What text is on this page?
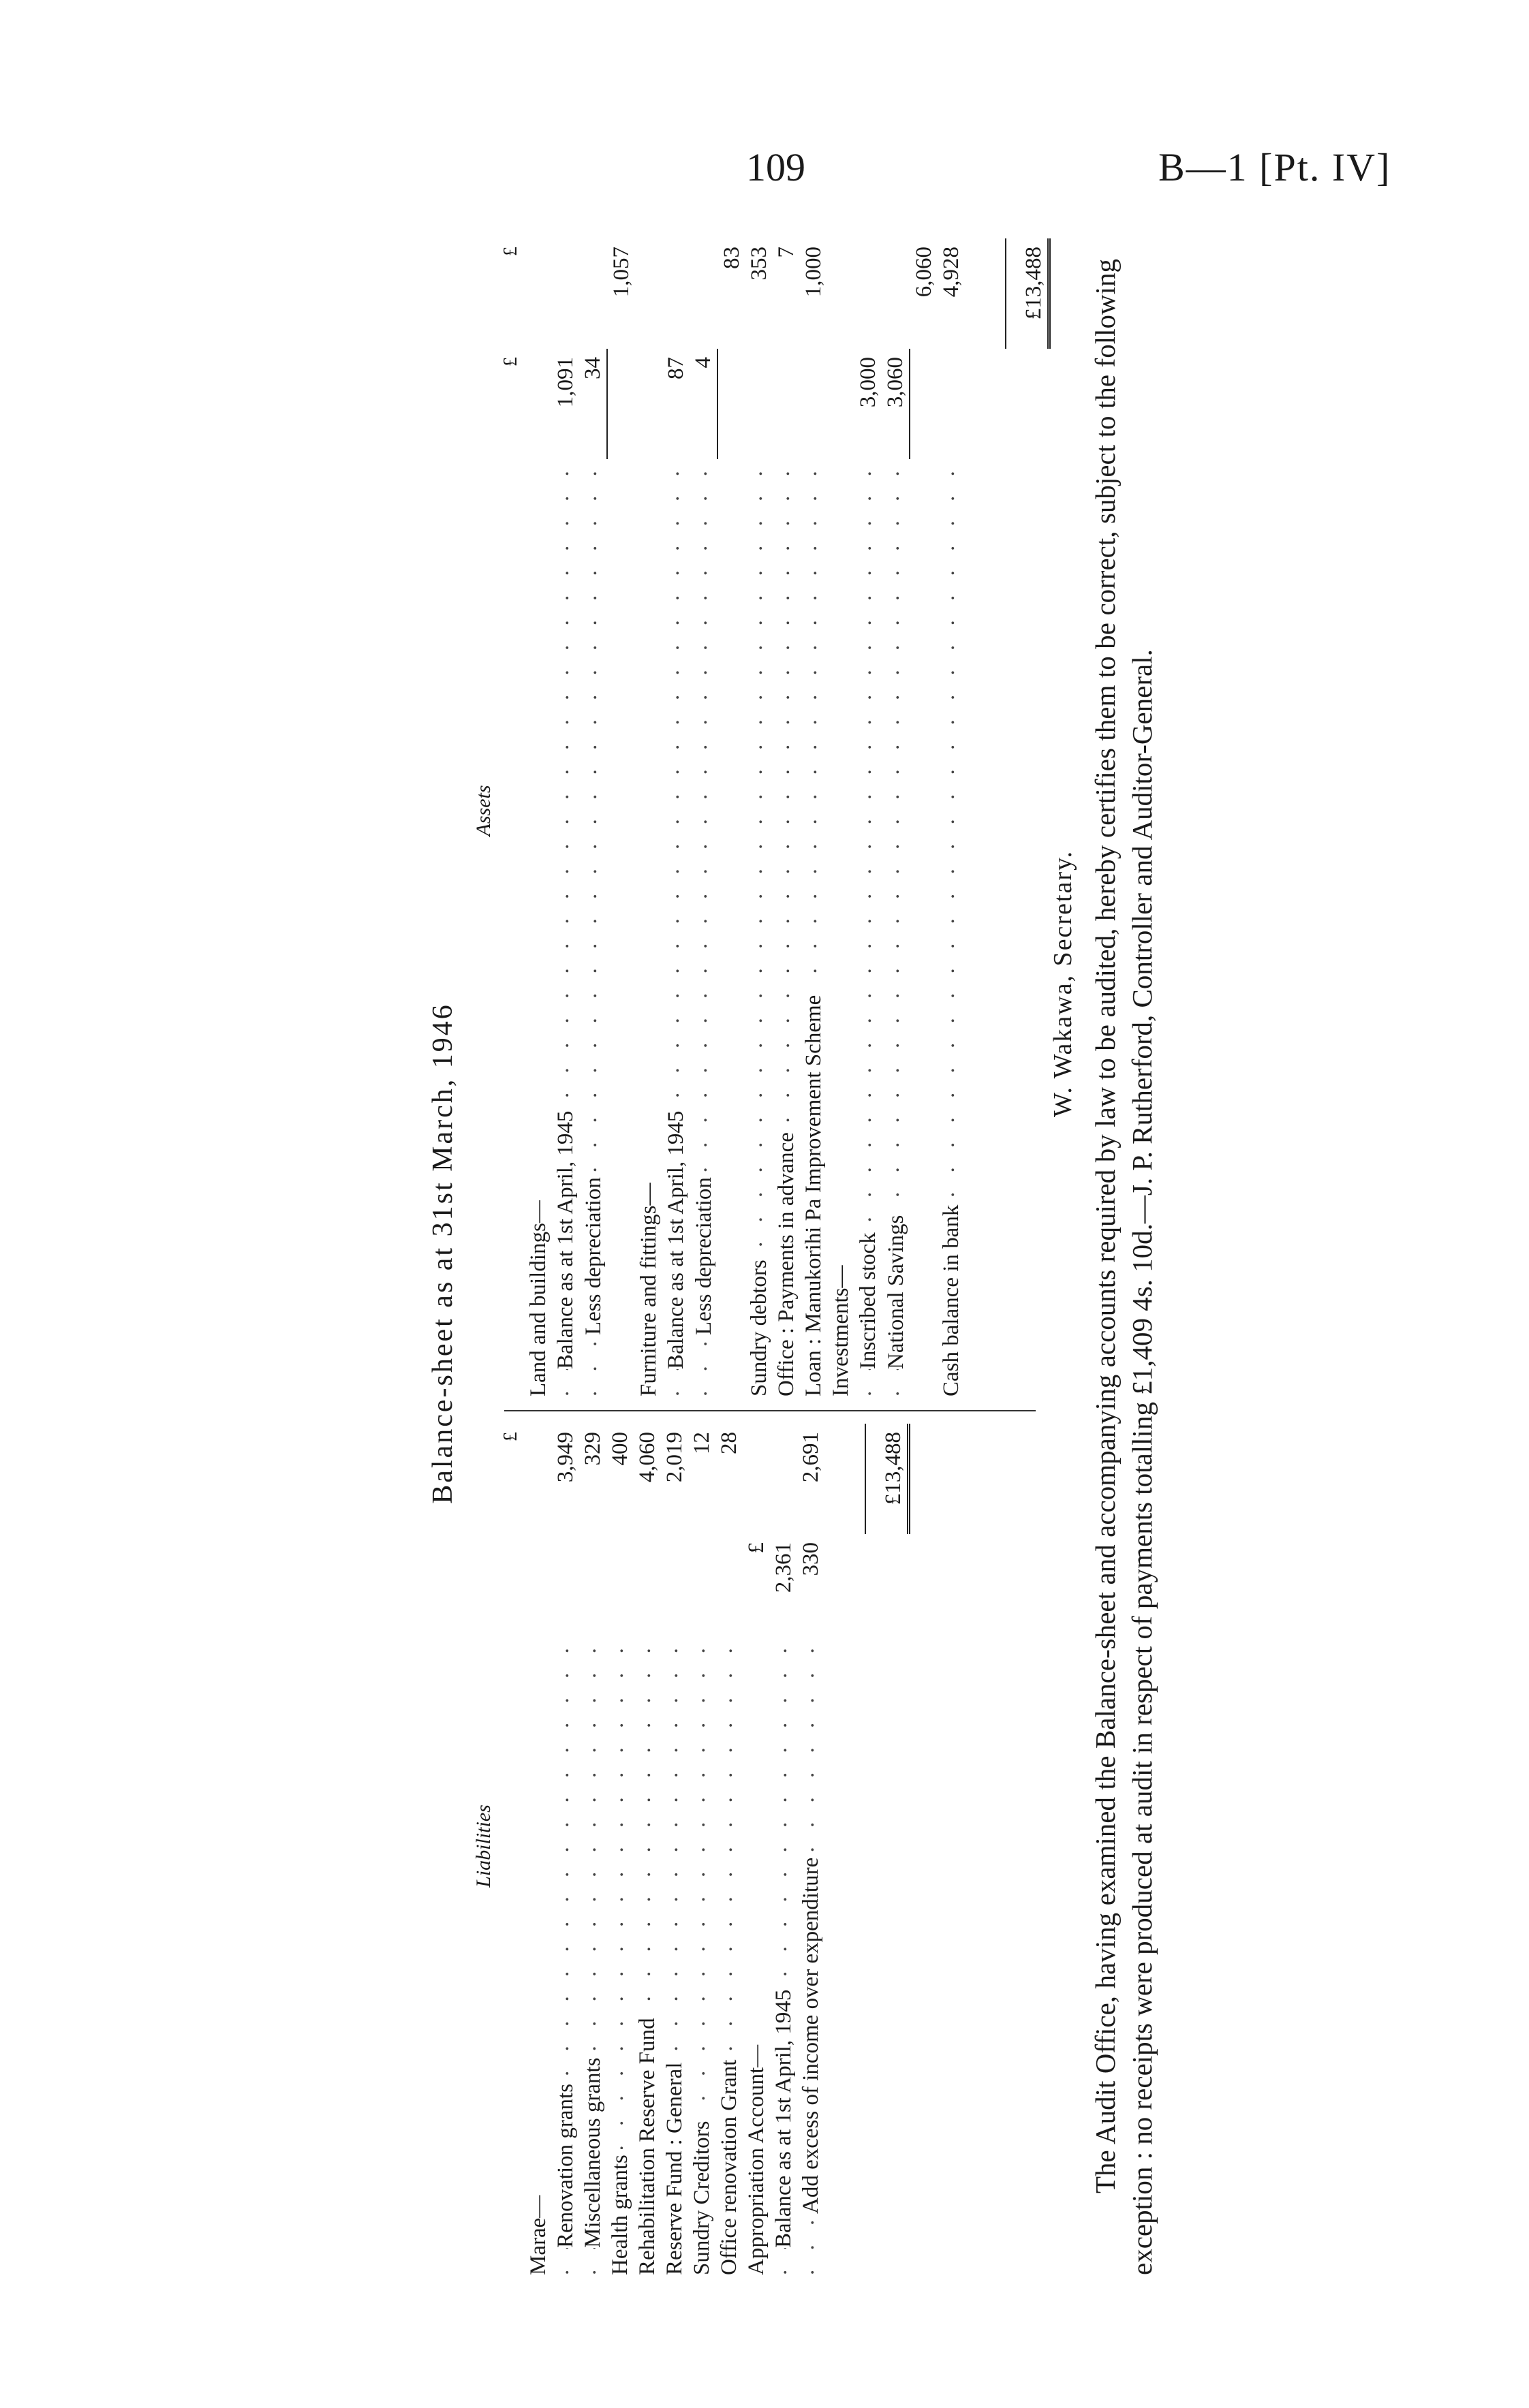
109	B—1 [Pt. IV]
Balance-sheet as at 31st March, 1946
Liabilities
Assets
		£
Marae—		
Renovation grants . . .		3,949
Miscellaneous grants . . .		329
Health grants . . .		400
Rehabilitation Reserve Fund . . .		4,060
Reserve Fund : General . . .		2,019
Sundry Creditors . . .		12
Office renovation Grant . . .		28
Appropriation Account—	£	
Balance as at 1st April, 1945 . . .	2,361	
Add excess of income over expenditure . . .	330	2,691

		£13,488
	£	£
Land and buildings—		
Balance as at 1st April, 1945 . . .	1,091	
Less depreciation . . .	34	
		1,057
Furniture and fittings—		
Balance as at 1st April, 1945 . . .	87	
Less depreciation . . .	4	
		83
Sundry debtors . . .		353
Office : Payments in advance . . .		7
Loan : Manukorihi Pa Improvement Scheme . . .		1,000
Investments—		
Inscribed stock . . .	3,000	
National Savings . . .	3,060	
		6,060
Cash balance in bank . . .		4,928

		£13,488
W. Wakawa, Secretary. The Audit Office, having examined the Balance-sheet and accompanying accounts required by law to be audited, hereby certifies them to be correct, subject to the following exception : no receipts were produced at audit in respect of payments totalling £1,409 4s. 10d.—J. P. Rutherford, Controller and Auditor-General.
